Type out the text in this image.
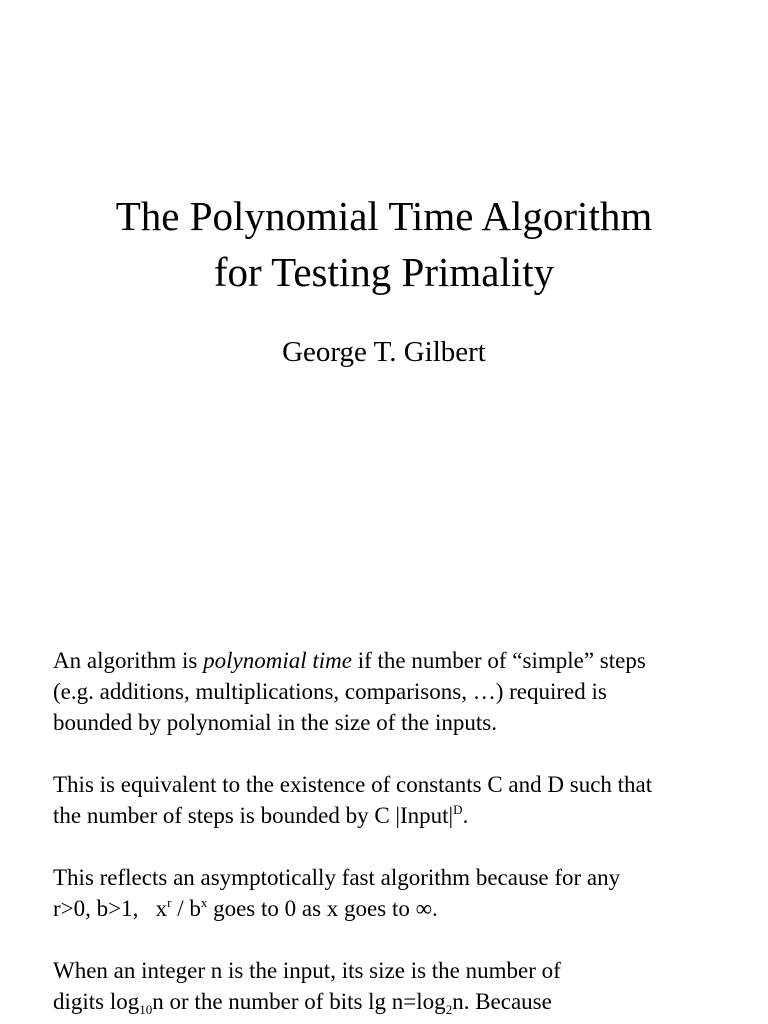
The Polynomial Time Algorithm
for Testing Primality

George T. Gilbert

An algorithm is polynomial time if the number of “simple” steps
(e.g. additions, multiplications, comparisons, …) required is
bounded by polynomial in the size of the inputs.

This is equivalent to the existence of constants C and D such that
the number of steps is bounded by C $|Input|^D$.

This reflects an asymptotically fast algorithm because for any
r>0, b>1,   $x^r / b^x$ goes to 0 as x goes to ∞.

When an integer n is the input, its size is the number of
digits $\log_{10}n$ or the number of bits $\lg n=\log_2n$. Because
